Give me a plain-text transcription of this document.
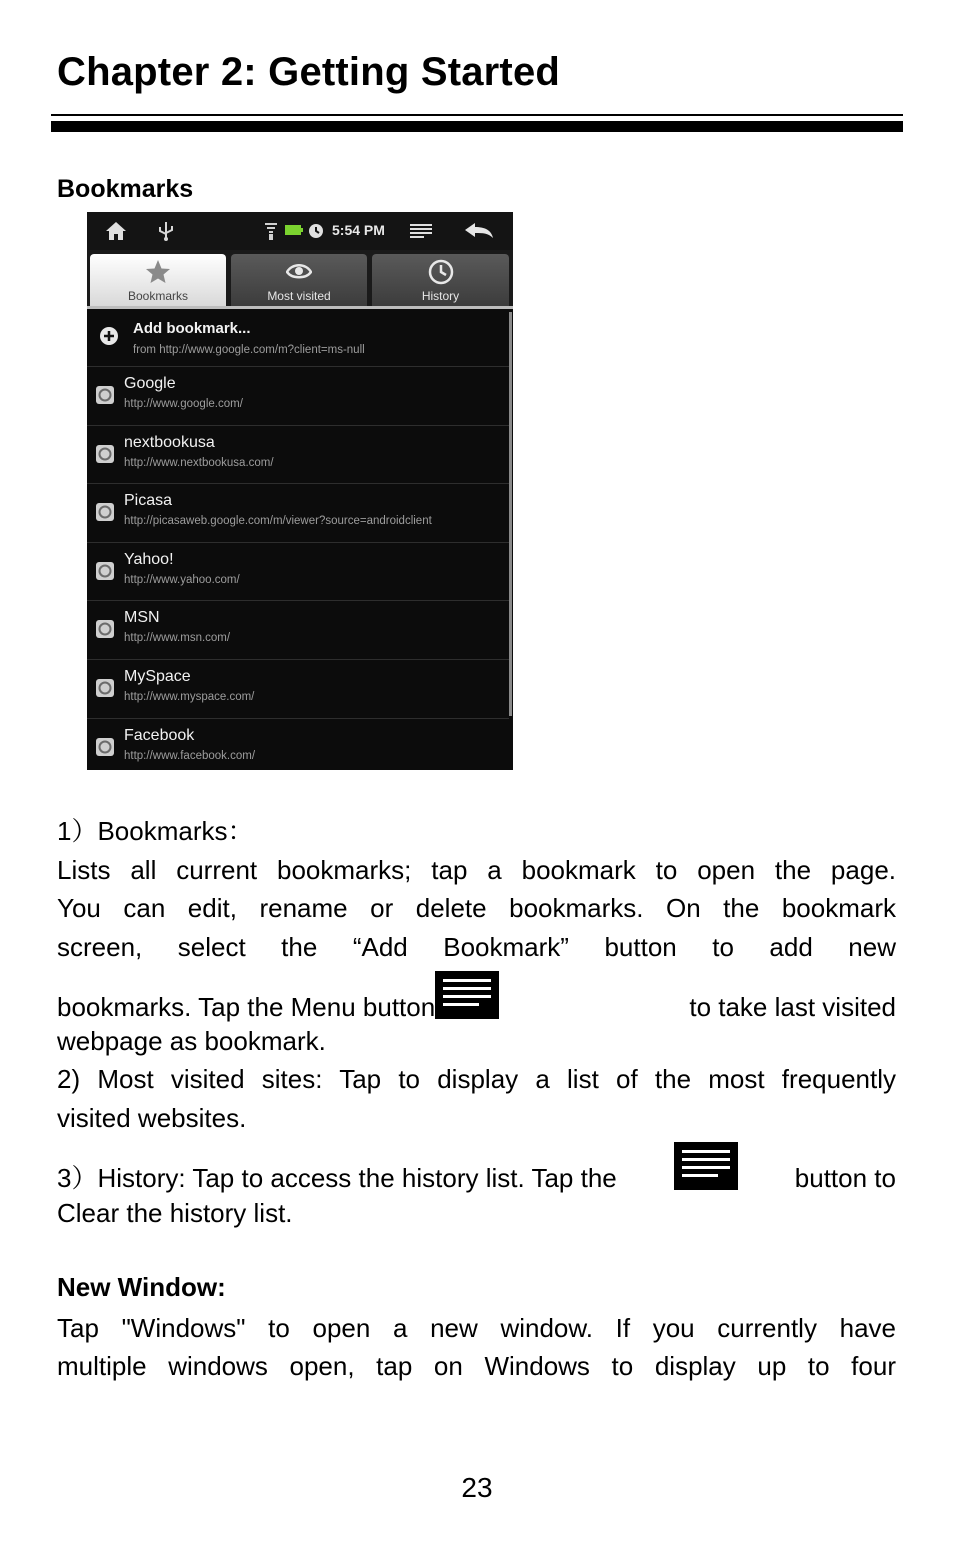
Chapter 2: Getting Started
Bookmarks
5:54 PM
Bookmarks	Most visited	History
Add bookmark...
from http://www.google.com/m?client=ms-null
Google
http://www.google.com/
nextbookusa
http://www.nextbookusa.com/
Picasa
http://picasaweb.google.com/m/viewer?source=androidclient
Yahoo!
http://www.yahoo.com/
MSN
http://www.msn.com/
MySpace
http://www.myspace.com/
Facebook
http://www.facebook.com/

1）Bookmarks：

Lists all current bookmarks; tap a bookmark to open the page.

You can edit, rename or delete bookmarks. On the bookmark

screen, select the “Add Bookmark” button to add new

bookmarks. Tap the Menu button	to take last visited

webpage as bookmark.

2) Most visited sites: Tap to display a list of the most frequently

visited websites.

3）History: Tap to access the history list. Tap the	button to

Clear the history list.

New Window:

Tap "Windows" to open a new window. If you currently have

multiple windows open, tap on Windows to display up to four

23
